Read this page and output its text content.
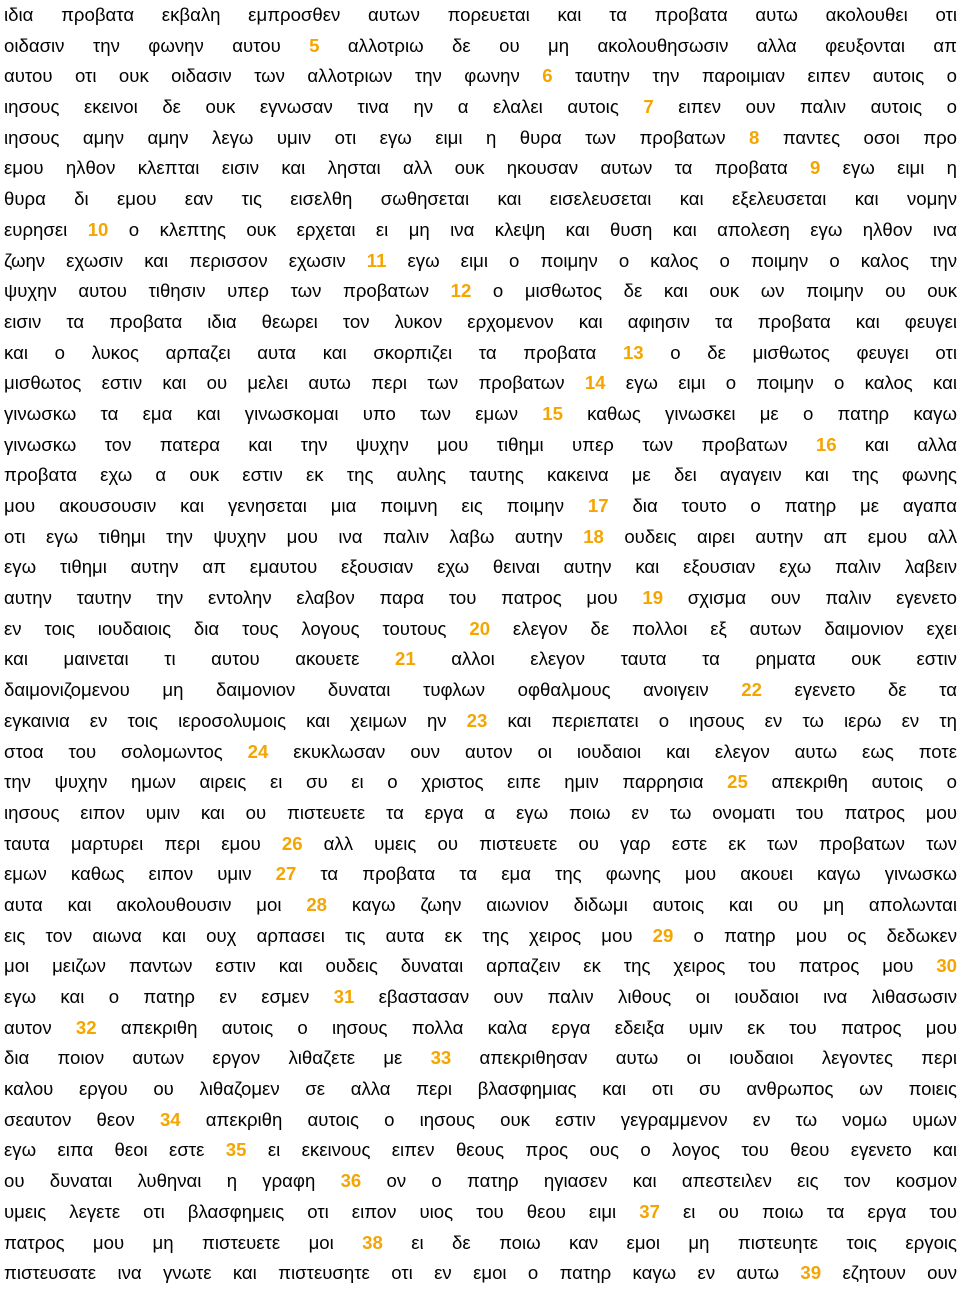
ιδια προβατα εκβαλη εμπροσθεν αυτων πορευεται και τα προβατα αυτω ακολουθει οτι
οιδασιν την φωνην αυτου 5 αλλοτριω δε ου μη ακολουθησωσιν αλλα φευξονται απ
αυτου οτι ουκ οιδασιν των αλλοτριων την φωνην 6 ταυτην την παροιμιαν ειπεν αυτοις ο
ιησους εκεινοι δε ουκ εγνωσαν τινα ην α ελαλει αυτοις 7 ειπεν ουν παλιν αυτοις ο
ιησους αμην αμην λεγω υμιν οτι εγω ειμι η θυρα των προβατων 8 παντες οσοι προ
εμου ηλθον κλεπται εισιν και λησται αλλ ουκ ηκουσαν αυτων τα προβατα 9 εγω ειμι η
θυρα δι εμου εαν τις εισελθη σωθησεται και εισελευσεται και εξελευσεται και νομην
ευρησει 10 ο κλεπτης ουκ ερχεται ει μη ινα κλεψη και θυση και απολεση εγω ηλθον ινα
ζωην εχωσιν και περισσον εχωσιν 11 εγω ειμι ο ποιμην ο καλος ο ποιμην ο καλος την
ψυχην αυτου τιθησιν υπερ των προβατων 12 ο μισθωτος δε και ουκ ων ποιμην ου ουκ
εισιν τα προβατα ιδια θεωρει τον λυκον ερχομενον και αφιησιν τα προβατα και φευγει
και ο λυκος αρπαζει αυτα και σκορπιζει τα προβατα 13 ο δε μισθωτος φευγει οτι
μισθωτος εστιν και ου μελει αυτω περι των προβατων 14 εγω ειμι ο ποιμην ο καλος και
γινωσκω τα εμα και γινωσκομαι υπο των εμων 15 καθως γινωσκει με ο πατηρ καγω
γινωσκω τον πατερα και την ψυχην μου τιθημι υπερ των προβατων 16 και αλλα
προβατα εχω α ουκ εστιν εκ της αυλης ταυτης κακεινα με δει αγαγειν και της φωνης
μου ακουσουσιν και γενησεται μια ποιμνη εις ποιμην 17 δια τουτο ο πατηρ με αγαπα
οτι εγω τιθημι την ψυχην μου ινα παλιν λαβω αυτην 18 ουδεις αιρει αυτην απ εμου αλλ
εγω τιθημι αυτην απ εμαυτου εξουσιαν εχω θειναι αυτην και εξουσιαν εχω παλιν λαβειν
αυτην ταυτην την εντολην ελαβον παρα του πατρος μου 19 σχισμα ουν παλιν εγενετο
εν τοις ιουδαιοις δια τους λογους τουτους 20 ελεγον δε πολλοι εξ αυτων δαιμονιον εχει
και μαινεται τι αυτου ακουετε 21 αλλοι ελεγον ταυτα τα ρηματα ουκ εστιν
δαιμονιζομενου μη δαιμονιον δυναται τυφλων οφθαλμους ανοιγειν 22 εγενετο δε τα
εγκαινια εν τοις ιεροσολυμοις και χειμων ην 23 και περιεπατει ο ιησους εν τω ιερω εν τη
στοα του σολομωντος 24 εκυκλωσαν ουν αυτον οι ιουδαιοι και ελεγον αυτω εως ποτε
την ψυχην ημων αιρεις ει συ ει ο χριστος ειπε ημιν παρρησια 25 απεκριθη αυτοις ο
ιησους ειπον υμιν και ου πιστευετε τα εργα α εγω ποιω εν τω ονοματι του πατρος μου
ταυτα μαρτυρει περι εμου 26 αλλ υμεις ου πιστευετε ου γαρ εστε εκ των προβατων των
εμων καθως ειπον υμιν 27 τα προβατα τα εμα της φωνης μου ακουει καγω γινωσκω
αυτα και ακολουθουσιν μοι 28 καγω ζωην αιωνιον διδωμι αυτοις και ου μη απολωνται
εις τον αιωνα και ουχ αρπασει τις αυτα εκ της χειρος μου 29 ο πατηρ μου ος δεδωκεν
μοι μειζων παντων εστιν και ουδεις δυναται αρπαζειν εκ της χειρος του πατρος μου 30
εγω και ο πατηρ εν εσμεν 31 εβαστασαν ουν παλιν λιθους οι ιουδαιοι ινα λιθασωσιν
αυτον 32 απεκριθη αυτοις ο ιησους πολλα καλα εργα εδειξα υμιν εκ του πατρος μου
δια ποιον αυτων εργον λιθαζετε με 33 απεκριθησαν αυτω οι ιουδαιοι λεγοντες περι
καλου εργου ου λιθαζομεν σε αλλα περι βλασφημιας και οτι συ ανθρωπος ων ποιεις
σεαυτον θεον 34 απεκριθη αυτοις ο ιησους ουκ εστιν γεγραμμενον εν τω νομω υμων
εγω ειπα θεοι εστε 35 ει εκεινους ειπεν θεους προς ους ο λογος του θεου εγενετο και
ου δυναται λυθηναι η γραφη 36 ον ο πατηρ ηγιασεν και απεστειλεν εις τον κοσμον
υμεις λεγετε οτι βλασφημεις οτι ειπον υιος του θεου ειμι 37 ει ου ποιω τα εργα του
πατρος μου μη πιστευετε μοι 38 ει δε ποιω καν εμοι μη πιστευητε τοις εργοις
πιστευσατε ινα γνωτε και πιστευσητε οτι εν εμοι ο πατηρ καγω εν αυτω 39 εζητουν ουν
